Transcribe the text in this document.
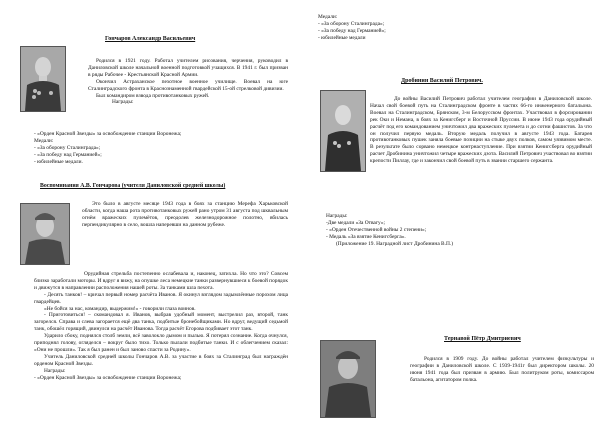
Гончаров Александр Васильевич

Родился в 1921 году. Работал учителем рисования, черчения, руководил в Даниловской школе начальной военной подготовкой учащихся. В 1941 г. был призван в ряды Рабочее - Крестьянской Красной Армии.

Окончил Астраханское пехотное военное училище. Воевал на юге Сталинградского фронта в Краснознаменной гвардейской 15-ой стрелковой дивизии.

Был командиром взвода противотанковых ружей.

Награды:

- «Орден Красной Звезды» за освобождение станции Воронежа;

Медали:

- «За оборону Сталинграда»;

- «За победу над Германией»;

- юбилейные медали.

Воспоминания А.В. Гончарова (учителя Даниловской средней школы)

Это было в августе месяце 1943 года в боях за станцию Мерефа Харьковской области, когда наша рота противотанковых ружей рано утром 31 августа под шквальным огнём вражеских пулемётов, преодолев железнодорожное полотно, вбилась перпендикулярно в село, вошла наперевши на данном рубеже.

Орудийная стрельба постепенно ослабевала и, наконец, затихла. Но что это? Совсем близко заработали моторы. И вдруг я вижу, на опушке леса немецкие танки развернувшиеся к боевой порядок и движутся в направлении расположения нашей роты. За танками шла пехота.

- Десять танков! – кричал первый номер расчёта Иванов. Я окинул взглядом задымлённые порохом лица гвардейцев.

«Не бойся за нас, командир, выдержим!» - говорили глаза воинов.

- Приготовиться! – скомандовал я. Иванов, выбрав удобный момент, выстрелил раз, второй, танк загорелся. Справа и слева загорается ещё два танка, подбитые бронебойщиками. Но вдруг, ведущий седьмой танк, обошёл горящий, двинулся на расчёт Иванова. Тогда расчёт Егорова подбивает этот танк.

Ударило сбоку, поднялся столб земли, всё заволокло дымом и пылью. Я потерял сознание. Когда очнулся, приподнял голову, огляделся – вокруг было тихо. Только пылали подбитые танки. И с облегчением сказал: «Они не прошли». Так я был ранен и был заново спасти за Родину».

Учитель Даниловской средней школы Гончаров А.В. за участие в боях за Сталинград был награждён орденом Красной Звезды.

Награды:

- «Орден Красной Звезды» за освобождение станции Воронежа;

Медали:

- «За оборону Сталинграда»;

- «За победу над Германией»;

- юбилейные медали

Дробинин Василий Петрович.

До войны Василий Петрович работал учителем географии в Даниловской школе. Начал свой боевой путь на Сталинградском фронте в частях 66-го инженерного батальона. Воевал на Сталинградском, Брянском, 3-м Белорусском фронтах. Участвовал в форсировании рек Оки и Немана, в боях за Кенигсберг и Восточной Пруссии. В июне 1943 года орудийный расчёт под его командованием уничтожил два вражеских пулемета и до сотни фашистов. За что он получил первую медаль. Вторую медаль получил в августе 1943 года. Батарея противотанковых пушек заняла боевые позиции на стыке двух полков, самом уязвимом месте. В результате было сорвано немецкое контрнаступление. При взятии Кенигсберга орудийный расчет Дробинина уничтожил четыре вражеских дзота. Василий Петрович участвовал во взятии крепости Пиллау, где и закончил свой боевой путь в звании старшего сержанта.

Награды:

-Две медали «За Отвагу»;

- «Орден Отечественной войны 2 степени»;

- Медаль «За взятие Кенигсберга».

(Приложение 19. Наградной лист Дробинина В.П.)

Тернавой Пётр Дмитриевич

Родился в 1909 году. До войны работал учителем физкультуры и географии в Даниловской школе. С 1939-1941г был директором школы. 20 июня 1941 года был призван в армию. Был политруком роты, комиссаром батальона, агитатором полка.
